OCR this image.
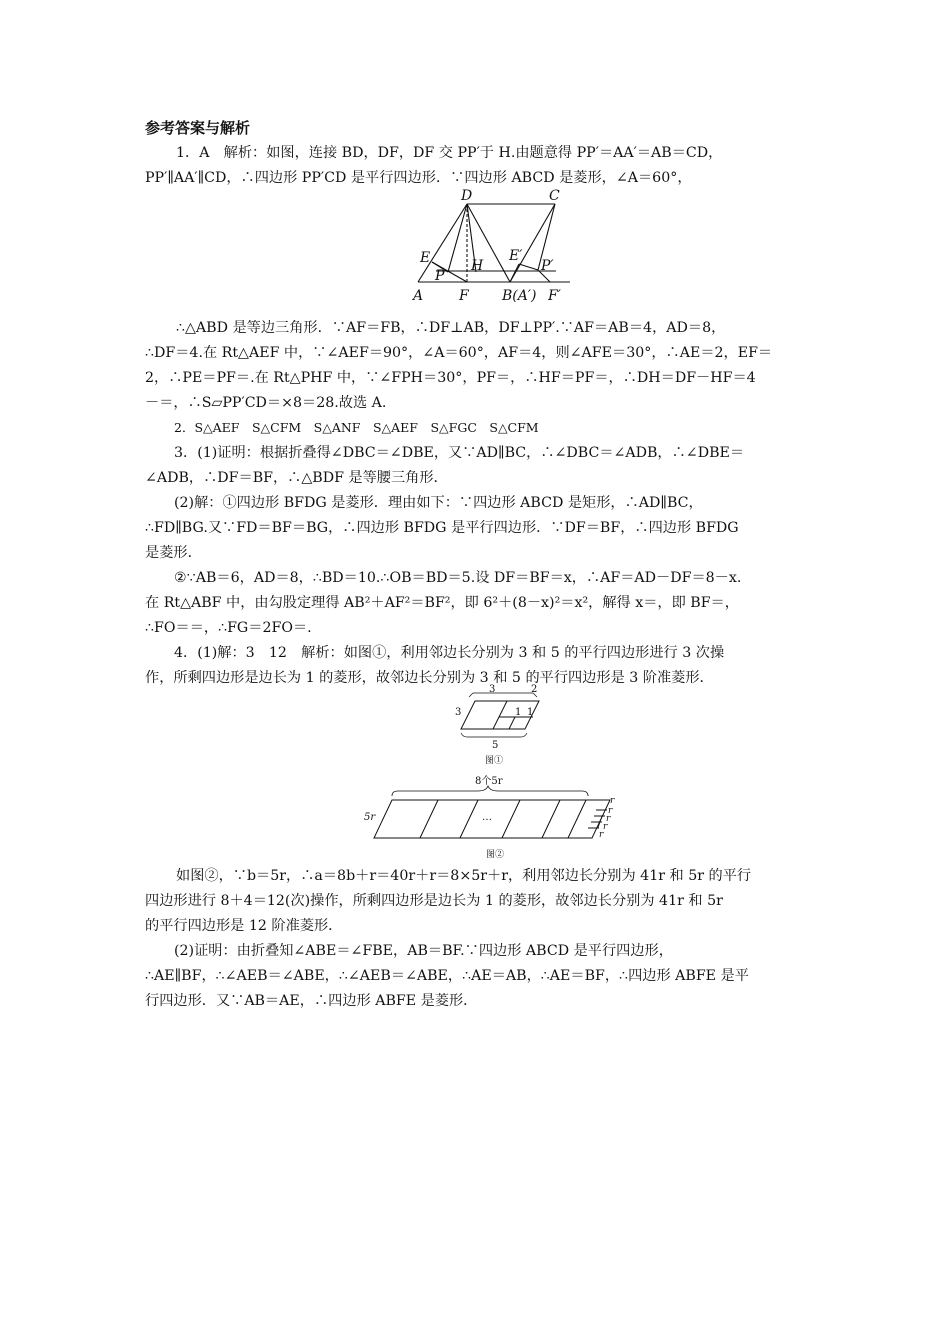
参考答案与解析
1．A　解析：如图，连接 BD，DF，DF 交 PP′于 H.由题意得 PP′＝AA′＝AB＝CD，
PP′∥AA′∥CD，∴四边形 PP′CD 是平行四边形．∵四边形 ABCD 是菱形，∠A＝60°，
D	C
E
P
H
E′
P′
A	F B(A′) F′
∴△ABD 是等边三角形．∵AF＝FB，∴DF⊥AB，DF⊥PP′.∵AF＝AB＝4，AD＝8，
∴DF＝4.在 Rt△AEF 中，∵∠AEF＝90°，∠A＝60°，AF＝4，则∠AFE＝30°，∴AE＝2，EF＝
2，∴PE＝PF＝.在 Rt△PHF 中，∵∠FPH＝30°，PF＝，∴HF＝PF＝，∴DH＝DF－HF＝4
－＝，∴S▱PP′CD＝×8＝28.故选 A.
2．S△AEF　S△CFM　S△ANF　S△AEF　S△FGC　S△CFM
3．(1)证明：根据折叠得∠DBC＝∠DBE，又∵AD∥BC，∴∠DBC＝∠ADB，∴∠DBE＝
∠ADB，∴DF＝BF，∴△BDF 是等腰三角形．
(2)解：①四边形 BFDG 是菱形．理由如下：∵四边形 ABCD 是矩形，∴AD∥BC，
∴FD∥BG.又∵FD＝BF＝BG，∴四边形 BFDG 是平行四边形．∵DF＝BF，∴四边形 BFDG
是菱形．
②∵AB＝6，AD＝8，∴BD＝10.∴OB＝BD＝5.设 DF＝BF＝x，∴AF＝AD－DF＝8－x.
在 Rt△ABF 中，由勾股定理得 AB²＋AF²＝BF²，即 6²＋(8－x)²＝x²，解得 x＝，即 BF＝，
∴FO＝＝，∴FG＝2FO＝.
4．(1)解：3　12　解析：如图①，利用邻边长分别为 3 和 5 的平行四边形进行 3 次操
作，所剩四边形是边长为 1 的菱形，故邻边长分别为 3 和 5 的平行四边形是 3 阶准菱形．
3	2
3	1 1
5
图①
8个5r
5r	…
r
r
r
r
r
图②
如图②，∵b＝5r，∴a＝8b＋r＝40r＋r＝8×5r＋r，利用邻边长分别为 41r 和 5r 的平行
四边形进行 8＋4＝12(次)操作，所剩四边形是边长为 1 的菱形，故邻边长分别为 41r 和 5r
的平行四边形是 12 阶准菱形．
(2)证明：由折叠知∠ABE＝∠FBE，AB＝BF.∵四边形 ABCD 是平行四边形，
∴AE∥BF，∴∠AEB＝∠ABE，∴∠AEB＝∠ABE，∴AE＝AB，∴AE＝BF，∴四边形 ABFE 是平
行四边形．又∵AB＝AE，∴四边形 ABFE 是菱形．
